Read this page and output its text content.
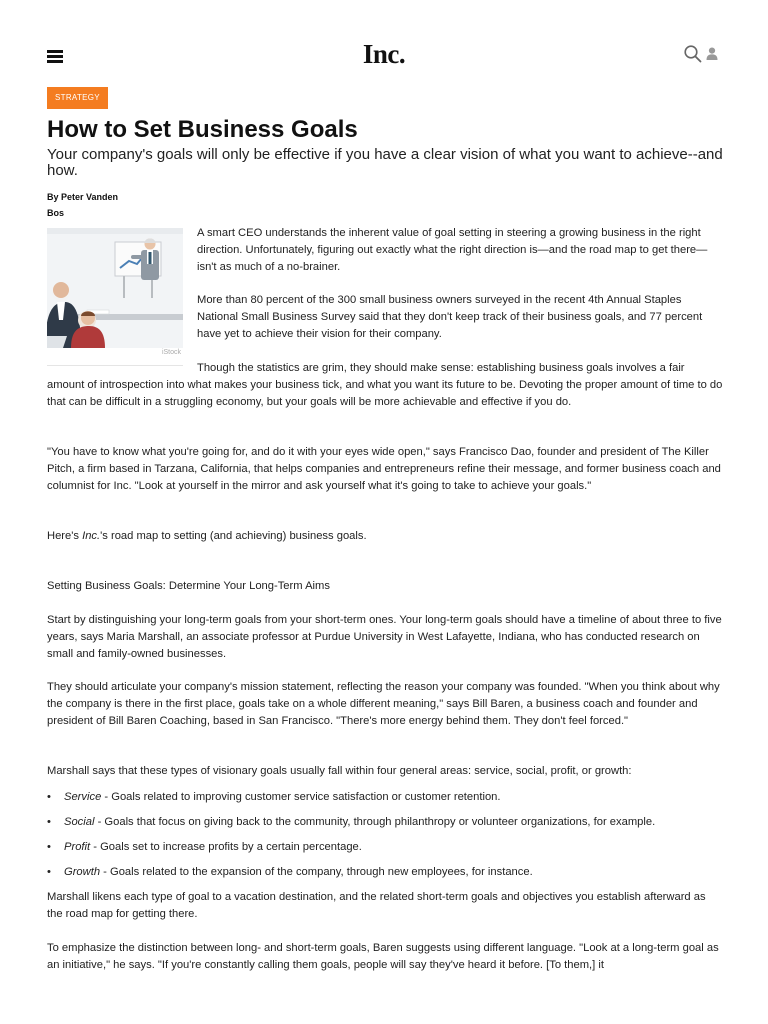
Inc.
STRATEGY
How to Set Business Goals

Your company's goals will only be effective if you have a clear vision of what you want to achieve--and how.

By Peter Vanden Bos
iStock

A smart CEO understands the inherent value of goal setting in steering a growing business in the right direction. Unfortunately, figuring out exactly what the right direction is—and the road map to get there—isn't as much of a no-brainer.

More than 80 percent of the 300 small business owners surveyed in the recent 4th Annual Staples National Small Business Survey said that they don't keep track of their business goals, and 77 percent have yet to achieve their vision for their company.

Though the statistics are grim, they should make sense: establishing business goals involves a fair amount of introspection into what makes your business tick, and what you want its future to be. Devoting the proper amount of time to do that can be difficult in a struggling economy, but your goals will be more achievable and effective if you do.

"You have to know what you're going for, and do it with your eyes wide open," says Francisco Dao, founder and president of The Killer Pitch, a firm based in Tarzana, California, that helps companies and entrepreneurs refine their message, and former business coach and columnist for Inc. "Look at yourself in the mirror and ask yourself what it's going to take to achieve your goals."

Here's Inc.'s road map to setting (and achieving) business goals.

Setting Business Goals: Determine Your Long-Term Aims

Start by distinguishing your long-term goals from your short-term ones. Your long-term goals should have a timeline of about three to five years, says Maria Marshall, an associate professor at Purdue University in West Lafayette, Indiana, who has conducted research on small and family-owned businesses.

They should articulate your company's mission statement, reflecting the reason your company was founded. "When you think about why the company is there in the first place, goals take on a whole different meaning," says Bill Baren, a business coach and founder and president of Bill Baren Coaching, based in San Francisco. "There's more energy behind them. They don't feel forced."

Marshall says that these types of visionary goals usually fall within four general areas: service, social, profit, or growth:

•	Service - Goals related to improving customer service satisfaction or customer retention.
•	Social - Goals that focus on giving back to the community, through philanthropy or volunteer organizations, for example.
•	Profit - Goals set to increase profits by a certain percentage.
•	Growth - Goals related to the expansion of the company, through new employees, for instance.

Marshall likens each type of goal to a vacation destination, and the related short-term goals and objectives you establish afterward as the road map for getting there.

To emphasize the distinction between long- and short-term goals, Baren suggests using different language. "Look at a long-term goal as an initiative," he says. "If you're constantly calling them goals, people will say they've heard it before. [To them,] it
